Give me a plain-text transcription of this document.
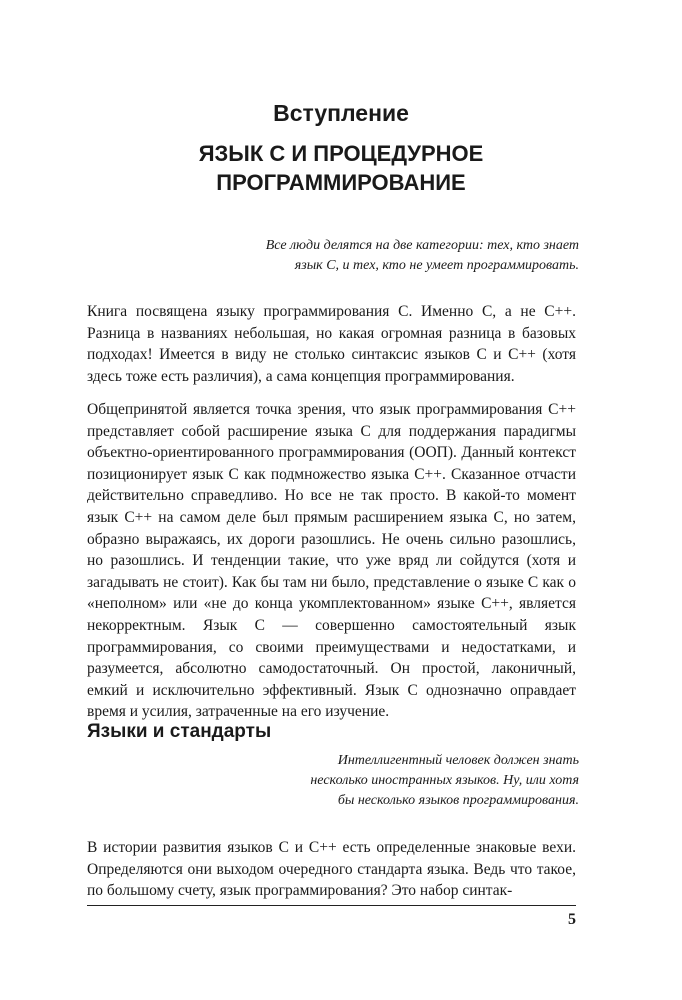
Вступление
ЯЗЫК С И ПРОЦЕДУРНОЕ ПРОГРАММИРОВАНИЕ
Все люди делятся на две категории: тех, кто знает
язык С, и тех, кто не умеет программировать.

Книга посвящена языку программирования C. Именно C, а не C++. Разница в названиях небольшая, но какая огромная разница в базовых подходах! Имеется в виду не столько синтаксис языков C и C++ (хотя здесь тоже есть различия), а сама концепция программирования.

Общепринятой является точка зрения, что язык программирования C++ представляет собой расширение языка C для поддержания парадигмы объектно-ориентированного программирования (ООП). Данный контекст позиционирует язык C как подмножество языка C++. Сказанное отчасти действительно справедливо. Но все не так просто. В какой-то момент язык C++ на самом деле был прямым расширением языка C, но затем, образно выражаясь, их дороги разошлись. Не очень сильно разошлись, но разошлись. И тенденции такие, что уже вряд ли сойдутся (хотя и загадывать не стоит). Как бы там ни было, представление о языке C как о «неполном» или «не до конца укомплектованном» языке C++, является некорректным. Язык C — совершенно самостоятельный язык программирования, со своими преимуществами и недостатками, и разумеется, абсолютно самодостаточный. Он простой, лаконичный, емкий и исключительно эффективный. Язык C однозначно оправдает время и усилия, затраченные на его изучение.

Языки и стандарты
Интеллигентный человек должен знать
несколько иностранных языков. Ну, или хотя
бы несколько языков программирования.

В истории развития языков C и C++ есть определенные знаковые вехи. Определяются они выходом очередного стандарта языка. Ведь что такое, по большому счету, язык программирования? Это набор синтак-

5
